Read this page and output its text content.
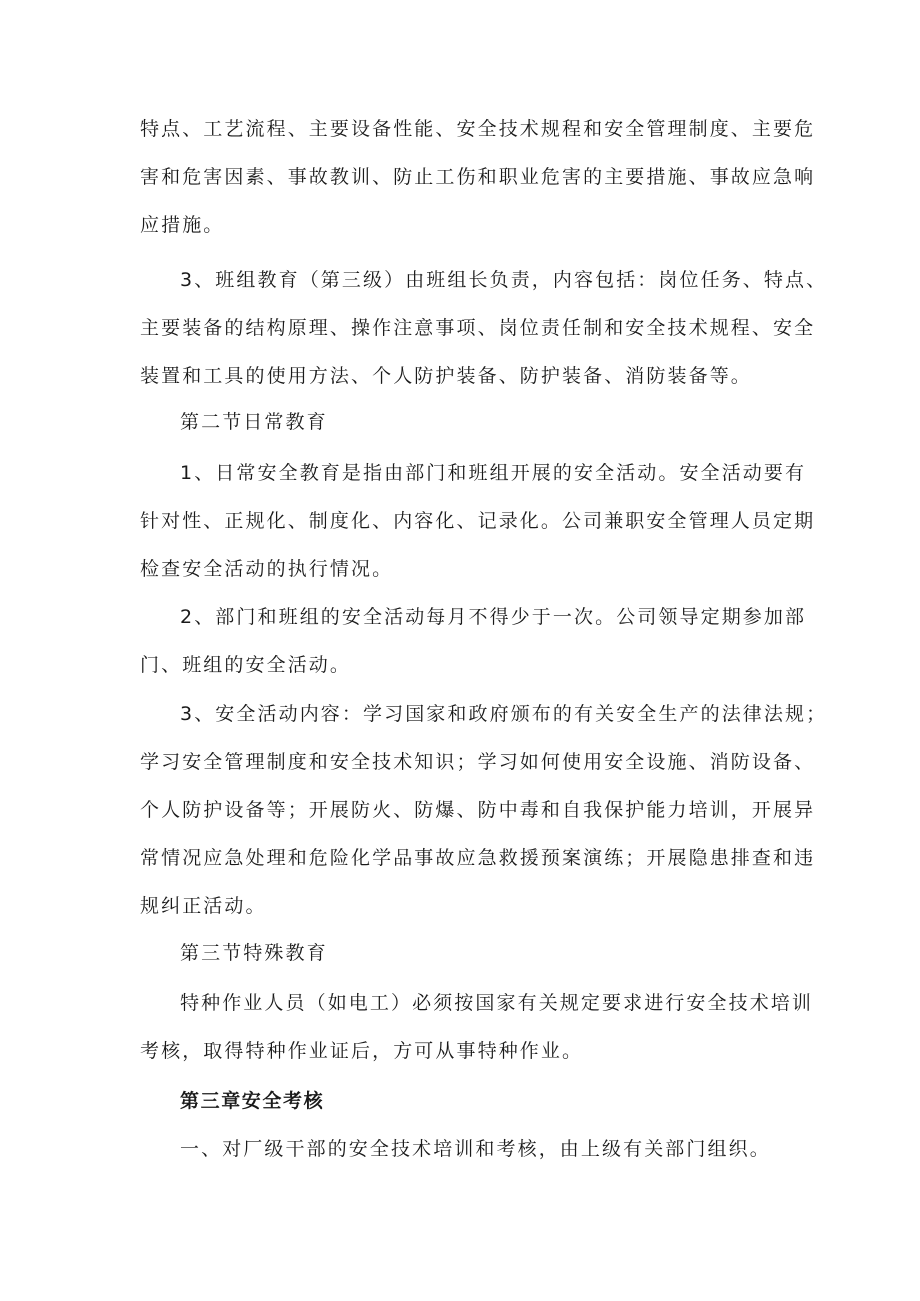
特点、工艺流程、主要设备性能、安全技术规程和安全管理制度、主要危
害和危害因素、事故教训、防止工伤和职业危害的主要措施、事故应急响
应措施。
3、班组教育（第三级）由班组长负责，内容包括：岗位任务、特点、
主要装备的结构原理、操作注意事项、岗位责任制和安全技术规程、安全
装置和工具的使用方法、个人防护装备、防护装备、消防装备等。
第二节日常教育
1、日常安全教育是指由部门和班组开展的安全活动。安全活动要有
针对性、正规化、制度化、内容化、记录化。公司兼职安全管理人员定期
检查安全活动的执行情况。
2、部门和班组的安全活动每月不得少于一次。公司领导定期参加部
门、班组的安全活动。
3、安全活动内容：学习国家和政府颁布的有关安全生产的法律法规；
学习安全管理制度和安全技术知识；学习如何使用安全设施、消防设备、
个人防护设备等；开展防火、防爆、防中毒和自我保护能力培训，开展异
常情况应急处理和危险化学品事故应急救援预案演练；开展隐患排查和违
规纠正活动。
第三节特殊教育
特种作业人员（如电工）必须按国家有关规定要求进行安全技术培训
考核，取得特种作业证后，方可从事特种作业。
第三章安全考核
一、对厂级干部的安全技术培训和考核，由上级有关部门组织。
